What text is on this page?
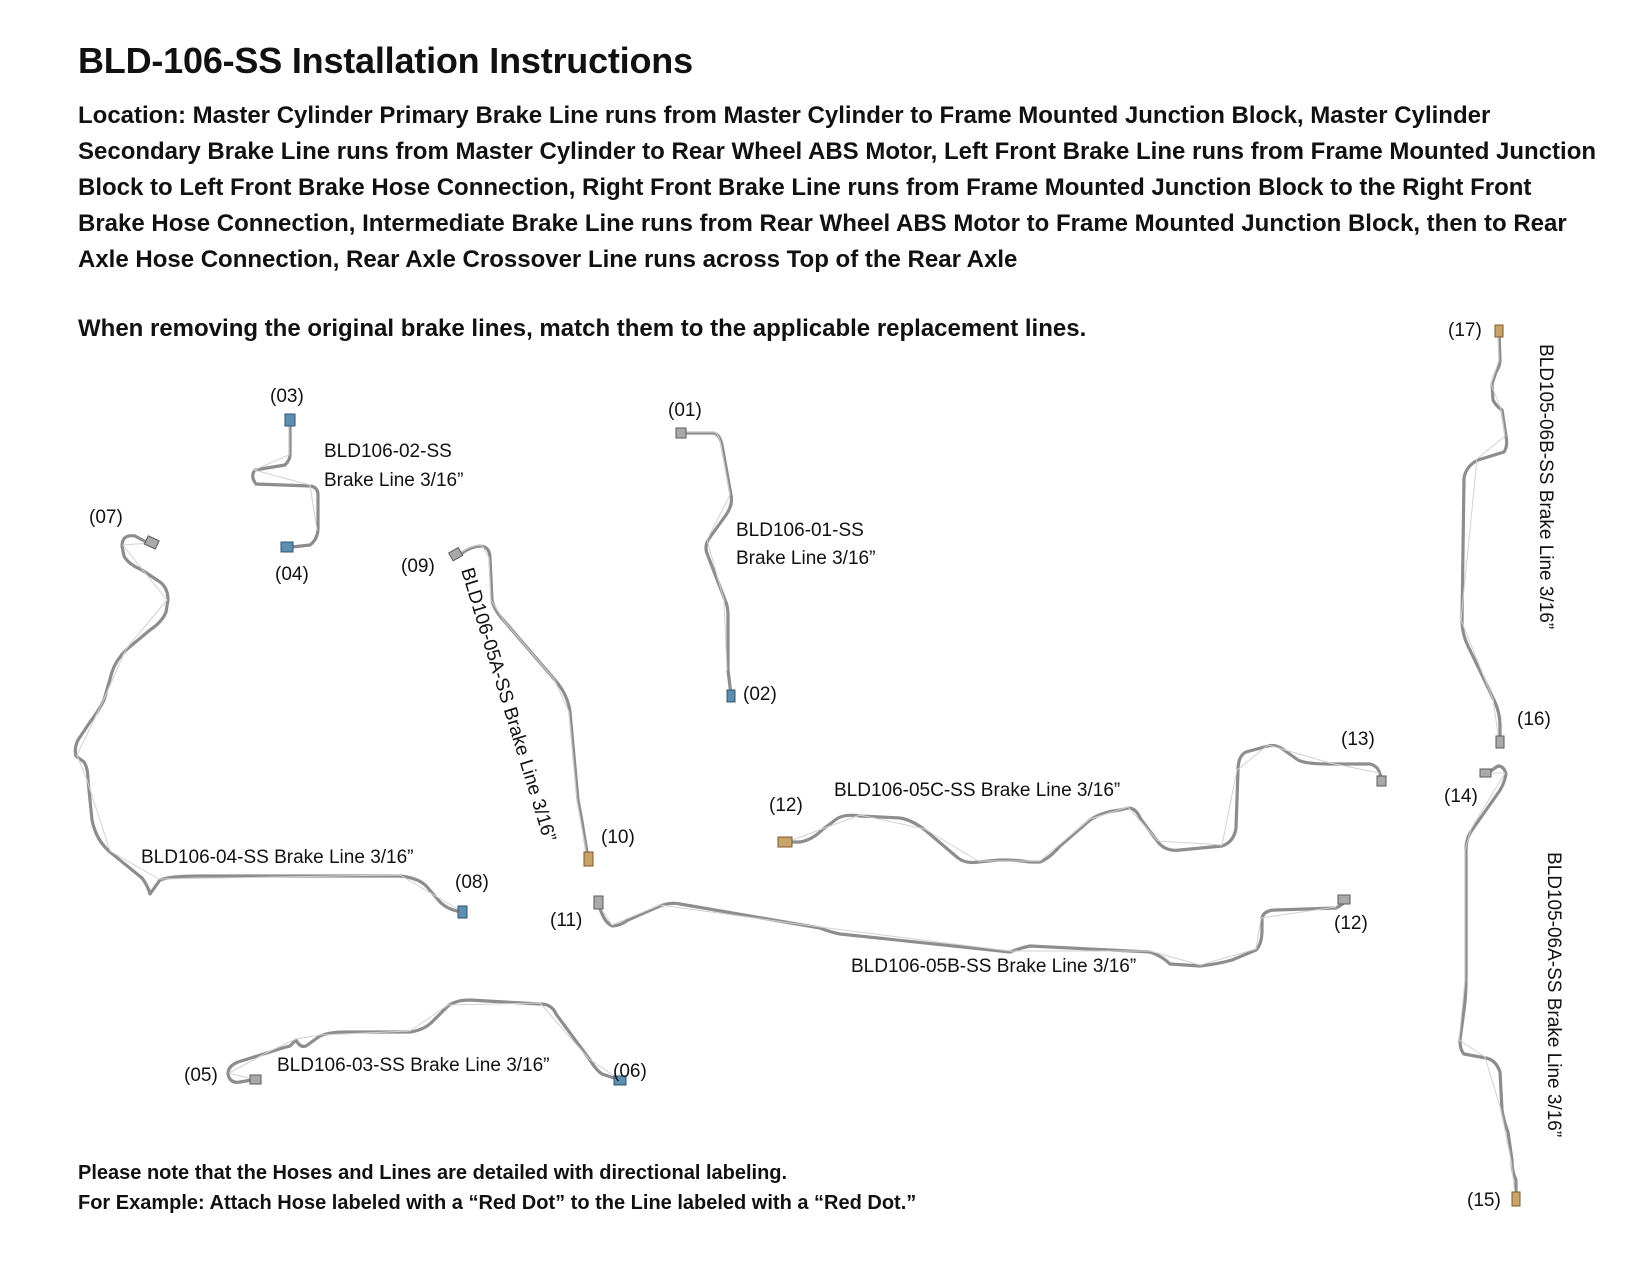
BLD-106-SS Installation Instructions
Location: Master Cylinder Primary Brake Line runs from Master Cylinder to Frame Mounted Junction Block, Master Cylinder Secondary Brake Line runs from Master Cylinder to Rear Wheel ABS Motor, Left Front Brake Line runs from Frame Mounted Junction Block to Left Front Brake Hose Connection, Right Front Brake Line runs from Frame Mounted Junction Block to the Right Front Brake Hose Connection, Intermediate Brake Line runs from Rear Wheel ABS Motor to Frame Mounted Junction Block, then to Rear Axle Hose Connection, Rear Axle Crossover Line runs across Top of the Rear Axle
When removing the original brake lines, match them to the applicable replacement lines.
BLD106-01-SS
Brake Line 3/16”
BLD106-02-SS
Brake Line 3/16”
BLD106-03-SS Brake Line 3/16”
BLD106-04-SS Brake Line 3/16”
BLD106-05B-SS Brake Line 3/16”
BLD106-05C-SS Brake Line 3/16”
BLD106-05A-SS Brake Line 3/16”
BLD105-06B-SS Brake Line 3/16”
BLD105-06A-SS Brake Line 3/16”
(01)
(02)
(03)
(04)
(05)	(06)
(07)
(08)
(09)
(10)
(11)	(12)
(12)
(13)
(14)
(15)
(16)
(17)
Please note that the Hoses and Lines are detailed with directional labeling.
For Example: Attach Hose labeled with a “Red Dot” to the Line labeled with a “Red Dot.”
